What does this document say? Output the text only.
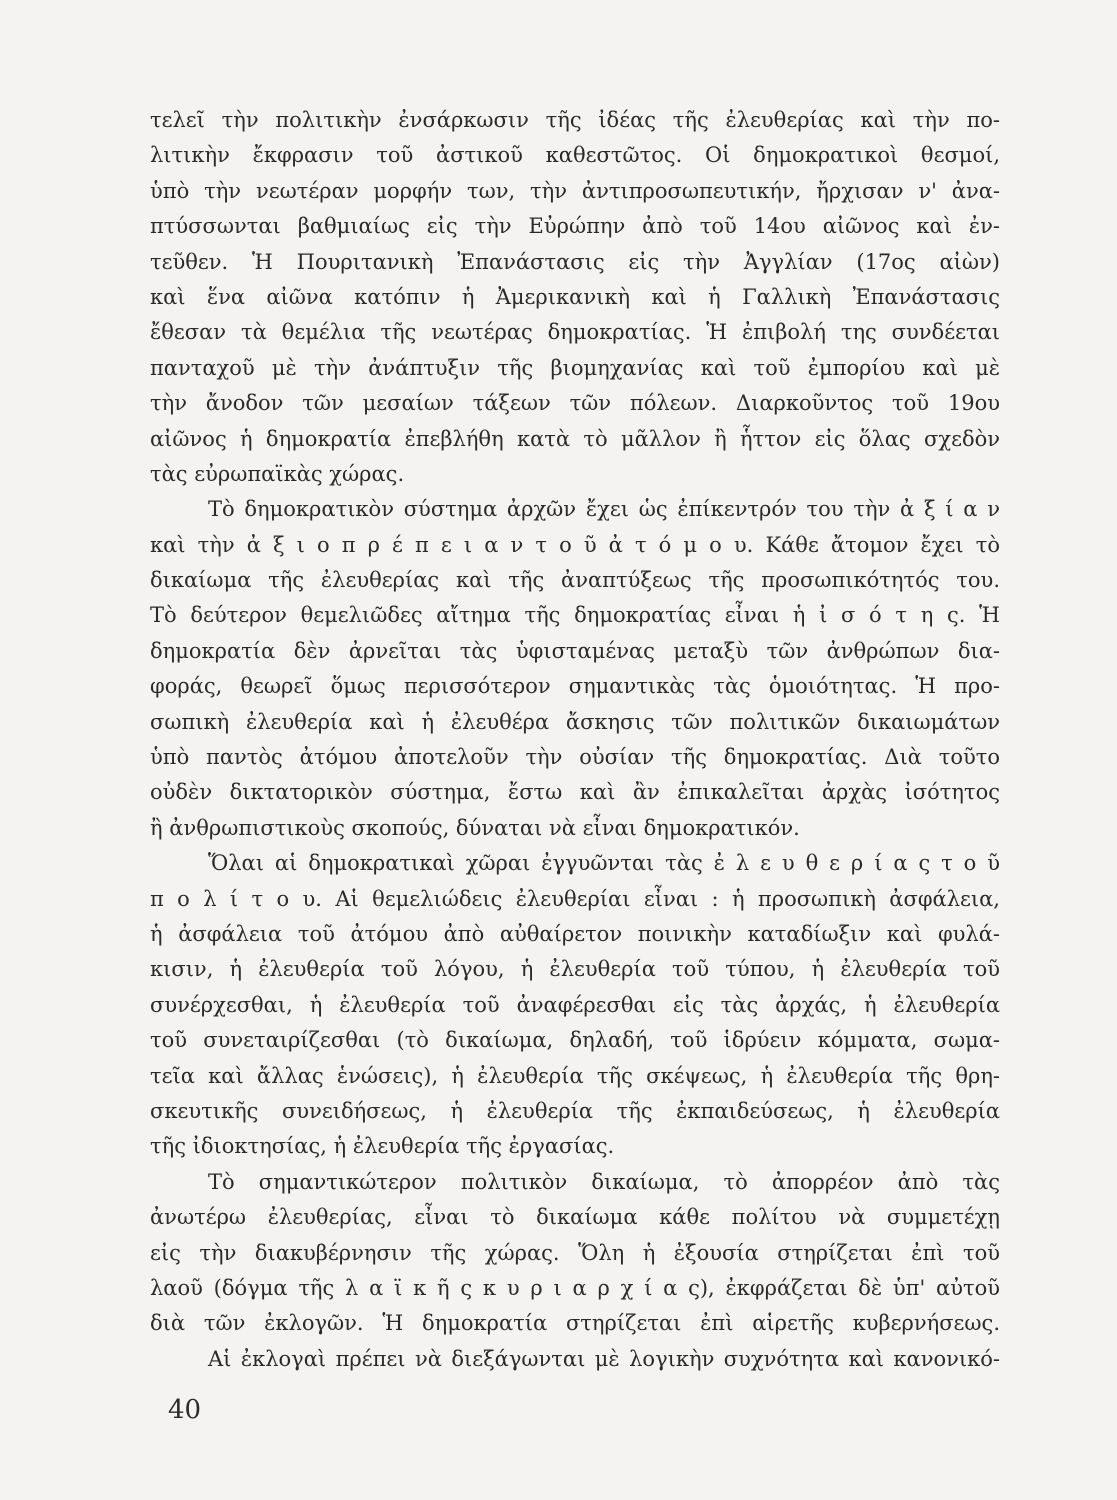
τελεῖ τὴν πολιτικὴν ἐνσάρκωσιν τῆς ἰδέας τῆς ἐλευθερίας καὶ τὴν πο-
λιτικὴν ἔκφρασιν τοῦ ἀστικοῦ καθεστῶτος. Οἱ δημοκρατικοὶ θεσμοί,
ὑπὸ τὴν νεωτέραν μορφήν των, τὴν ἀντιπροσωπευτικήν, ἤρχισαν ν' ἀνα-
πτύσσωνται βαθμιαίως εἰς τὴν Εὐρώπην ἀπὸ τοῦ 14ου αἰῶνος καὶ ἐν-
τεῦθεν. Ἡ Πουριτανικὴ Ἐπανάστασις εἰς τὴν Ἀγγλίαν (17ος αἰὼν)
καὶ ἕνα αἰῶνα κατόπιν ἡ Ἀμερικανικὴ καὶ ἡ Γαλλικὴ Ἐπανάστασις
ἔθεσαν τὰ θεμέλια τῆς νεωτέρας δημοκρατίας. Ἡ ἐπιβολή της συνδέεται
πανταχοῦ μὲ τὴν ἀνάπτυξιν τῆς βιομηχανίας καὶ τοῦ ἐμπορίου καὶ μὲ
τὴν ἄνοδον τῶν μεσαίων τάξεων τῶν πόλεων. Διαρκοῦντος τοῦ 19ου
αἰῶνος ἡ δημοκρατία ἐπεβλήθη κατὰ τὸ μᾶλλον ἢ ἧττον εἰς ὅλας σχεδὸν
τὰς εὐρωπαϊκὰς χώρας.
Τὸ δημοκρατικὸν σύστημα ἀρχῶν ἔχει ὡς ἐπίκεντρόν του τὴν ἀ ξ ί α ν
καὶ τὴν ἀ ξ ι ο π ρ έ π ε ι α ν τ ο ῦ ἀ τ ό μ ο υ. Κάθε ἄτομον ἔχει τὸ
δικαίωμα τῆς ἐλευθερίας καὶ τῆς ἀναπτύξεως τῆς προσωπικότητός του.
Τὸ δεύτερον θεμελιῶδες αἴτημα τῆς δημοκρατίας εἶναι ἡ ἰ σ ό τ η ς. Ἡ
δημοκρατία δὲν ἀρνεῖται τὰς ὑφισταμένας μεταξὺ τῶν ἀνθρώπων δια-
φοράς, θεωρεῖ ὅμως περισσότερον σημαντικὰς τὰς ὁμοιότητας. Ἡ προ-
σωπικὴ ἐλευθερία καὶ ἡ ἐλευθέρα ἄσκησις τῶν πολιτικῶν δικαιωμάτων
ὑπὸ παντὸς ἀτόμου ἀποτελοῦν τὴν οὐσίαν τῆς δημοκρατίας. Διὰ τοῦτο
οὐδὲν δικτατορικὸν σύστημα, ἔστω καὶ ἂν ἐπικαλεῖται ἀρχὰς ἰσότητος
ἢ ἀνθρωπιστικοὺς σκοπούς, δύναται νὰ εἶναι δημοκρατικόν.
Ὅλαι αἱ δημοκρατικαὶ χῶραι ἐγγυῶνται τὰς ἐ λ ε υ θ ε ρ ί α ς τ ο ῦ
π ο λ ί τ ο υ. Αἱ θεμελιώδεις ἐλευθερίαι εἶναι : ἡ προσωπικὴ ἀσφάλεια,
ἡ ἀσφάλεια τοῦ ἀτόμου ἀπὸ αὐθαίρετον ποινικὴν καταδίωξιν καὶ φυλά-
κισιν, ἡ ἐλευθερία τοῦ λόγου, ἡ ἐλευθερία τοῦ τύπου, ἡ ἐλευθερία τοῦ
συνέρχεσθαι, ἡ ἐλευθερία τοῦ ἀναφέρεσθαι εἰς τὰς ἀρχάς, ἡ ἐλευθερία
τοῦ συνεταιρίζεσθαι (τὸ δικαίωμα, δηλαδή, τοῦ ἱδρύειν κόμματα, σωμα-
τεῖα καὶ ἄλλας ἑνώσεις), ἡ ἐλευθερία τῆς σκέψεως, ἡ ἐλευθερία τῆς θρη-
σκευτικῆς συνειδήσεως, ἡ ἐλευθερία τῆς ἐκπαιδεύσεως, ἡ ἐλευθερία
τῆς ἰδιοκτησίας, ἡ ἐλευθερία τῆς ἐργασίας.
Τὸ σημαντικώτερον πολιτικὸν δικαίωμα, τὸ ἀπορρέον ἀπὸ τὰς
ἀνωτέρω ἐλευθερίας, εἶναι τὸ δικαίωμα κάθε πολίτου νὰ συμμετέχῃ
εἰς τὴν διακυβέρνησιν τῆς χώρας. Ὅλη ἡ ἐξουσία στηρίζεται ἐπὶ τοῦ
λαοῦ (δόγμα τῆς λ α ϊ κ ῆ ς κ υ ρ ι α ρ χ ί α ς), ἐκφράζεται δὲ ὑπ' αὐτοῦ
διὰ τῶν ἐκλογῶν. Ἡ δημοκρατία στηρίζεται ἐπὶ αἱρετῆς κυβερνήσεως.
Αἱ ἐκλογαὶ πρέπει νὰ διεξάγωνται μὲ λογικὴν συχνότητα καὶ κανονικό-
40
